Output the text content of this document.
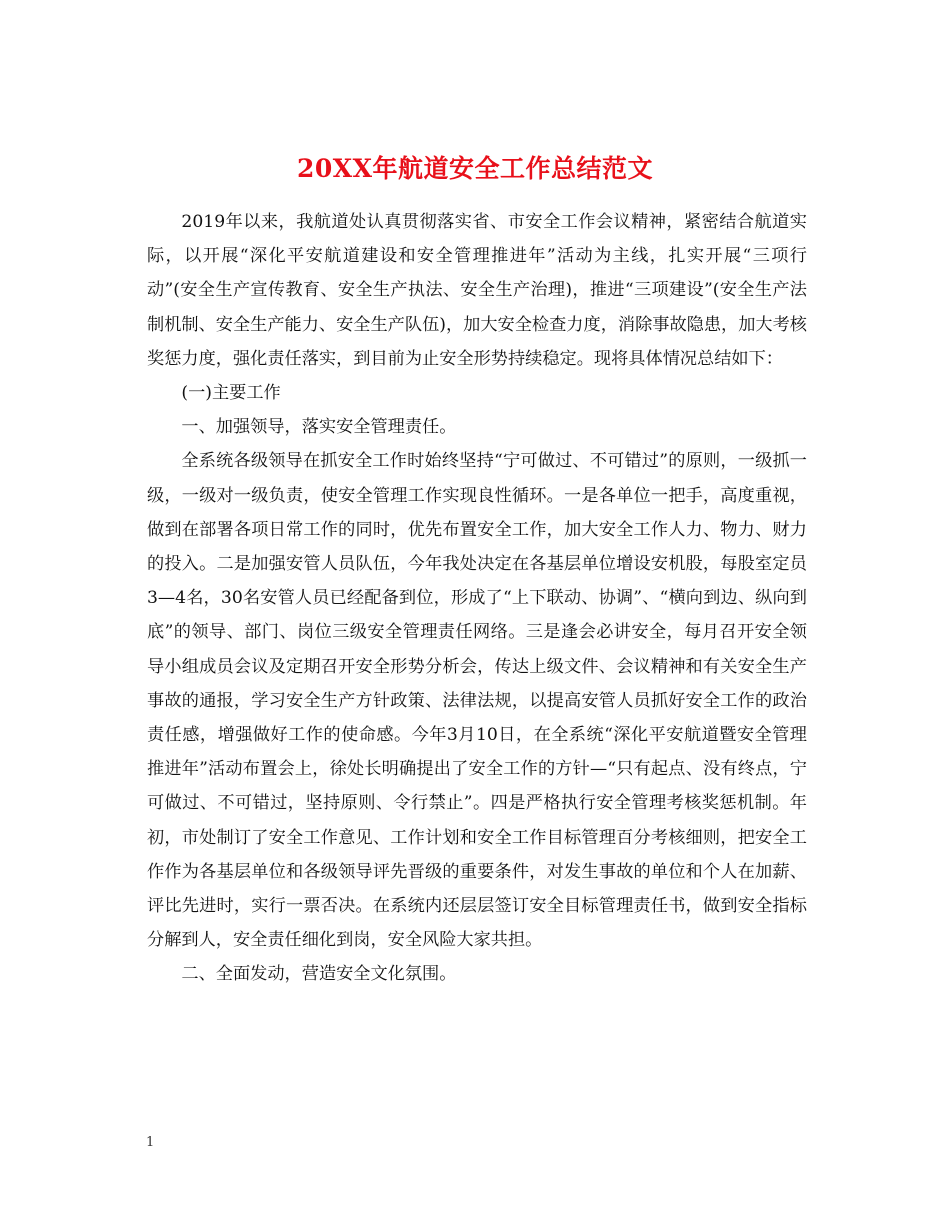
20XX年航道安全工作总结范文

2019年以来，我航道处认真贯彻落实省、市安全工作会议精神，紧密结合航道实际，以开展“深化平安航道建设和安全管理推进年”活动为主线，扎实开展“三项行动”(安全生产宣传教育、安全生产执法、安全生产治理)，推进“三项建设”(安全生产法制机制、安全生产能力、安全生产队伍)，加大安全检查力度，消除事故隐患，加大考核奖惩力度，强化责任落实，到目前为止安全形势持续稳定。现将具体情况总结如下：

(一)主要工作

一、加强领导，落实安全管理责任。

全系统各级领导在抓安全工作时始终坚持“宁可做过、不可错过”的原则，一级抓一级，一级对一级负责，使安全管理工作实现良性循环。一是各单位一把手，高度重视，做到在部署各项日常工作的同时，优先布置安全工作，加大安全工作人力、物力、财力的投入。二是加强安管人员队伍，今年我处决定在各基层单位增设安机股，每股室定员3—4名，30名安管人员已经配备到位，形成了“上下联动、协调”、“横向到边、纵向到底”的领导、部门、岗位三级安全管理责任网络。三是逢会必讲安全，每月召开安全领导小组成员会议及定期召开安全形势分析会，传达上级文件、会议精神和有关安全生产事故的通报，学习安全生产方针政策、法律法规，以提高安管人员抓好安全工作的政治责任感，增强做好工作的使命感。今年3月10日，在全系统“深化平安航道暨安全管理推进年”活动布置会上，徐处长明确提出了安全工作的方针—“只有起点、没有终点，宁可做过、不可错过，坚持原则、令行禁止”。四是严格执行安全管理考核奖惩机制。年初，市处制订了安全工作意见、工作计划和安全工作目标管理百分考核细则，把安全工作作为各基层单位和各级领导评先晋级的重要条件，对发生事故的单位和个人在加薪、评比先进时，实行一票否决。在系统内还层层签订安全目标管理责任书，做到安全指标分解到人，安全责任细化到岗，安全风险大家共担。

二、全面发动，营造安全文化氛围。

1
